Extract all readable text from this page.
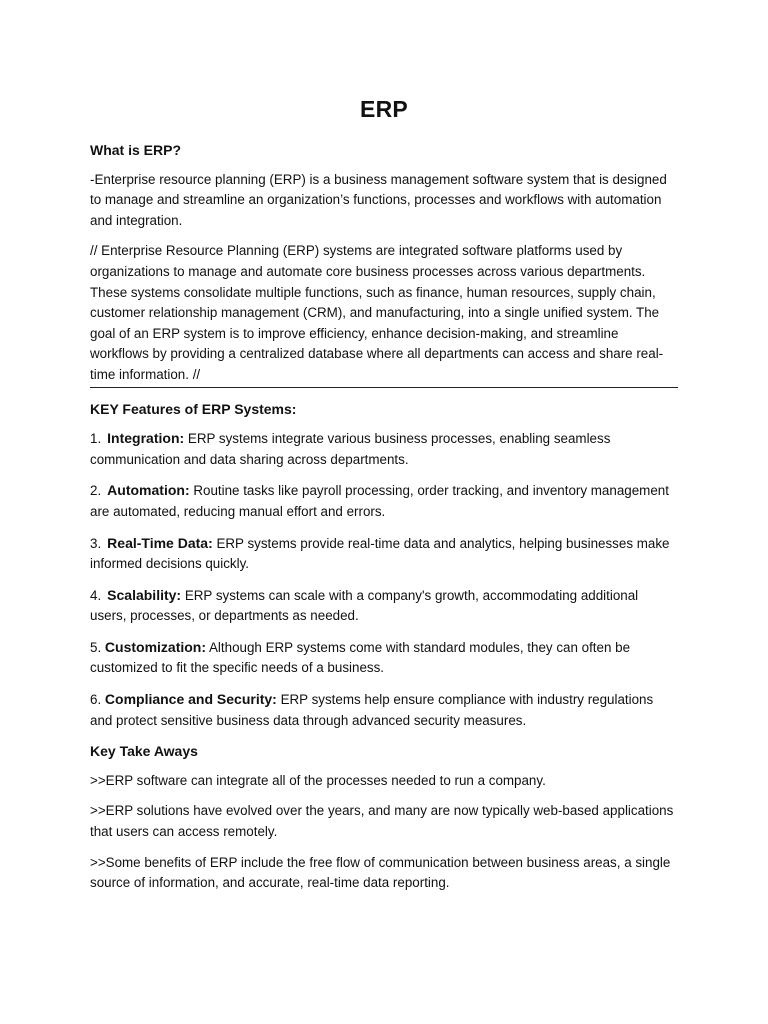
ERP
What is ERP?
-Enterprise resource planning (ERP) is a business management software system that is designed to manage and streamline an organization’s functions, processes and workflows with automation and integration.
// Enterprise Resource Planning (ERP) systems are integrated software platforms used by organizations to manage and automate core business processes across various departments. These systems consolidate multiple functions, such as finance, human resources, supply chain, customer relationship management (CRM), and manufacturing, into a single unified system. The goal of an ERP system is to improve efficiency, enhance decision-making, and streamline workflows by providing a centralized database where all departments can access and share real-time information. //
KEY Features of ERP Systems:
1. Integration: ERP systems integrate various business processes, enabling seamless communication and data sharing across departments.
2. Automation: Routine tasks like payroll processing, order tracking, and inventory management are automated, reducing manual effort and errors.
3. Real-Time Data: ERP systems provide real-time data and analytics, helping businesses make informed decisions quickly.
4. Scalability: ERP systems can scale with a company's growth, accommodating additional users, processes, or departments as needed.
5. Customization: Although ERP systems come with standard modules, they can often be customized to fit the specific needs of a business.
6. Compliance and Security: ERP systems help ensure compliance with industry regulations and protect sensitive business data through advanced security measures.
Key Take Aways
>>ERP software can integrate all of the processes needed to run a company.
>>ERP solutions have evolved over the years, and many are now typically web-based applications that users can access remotely.
>>Some benefits of ERP include the free flow of communication between business areas, a single source of information, and accurate, real-time data reporting.
